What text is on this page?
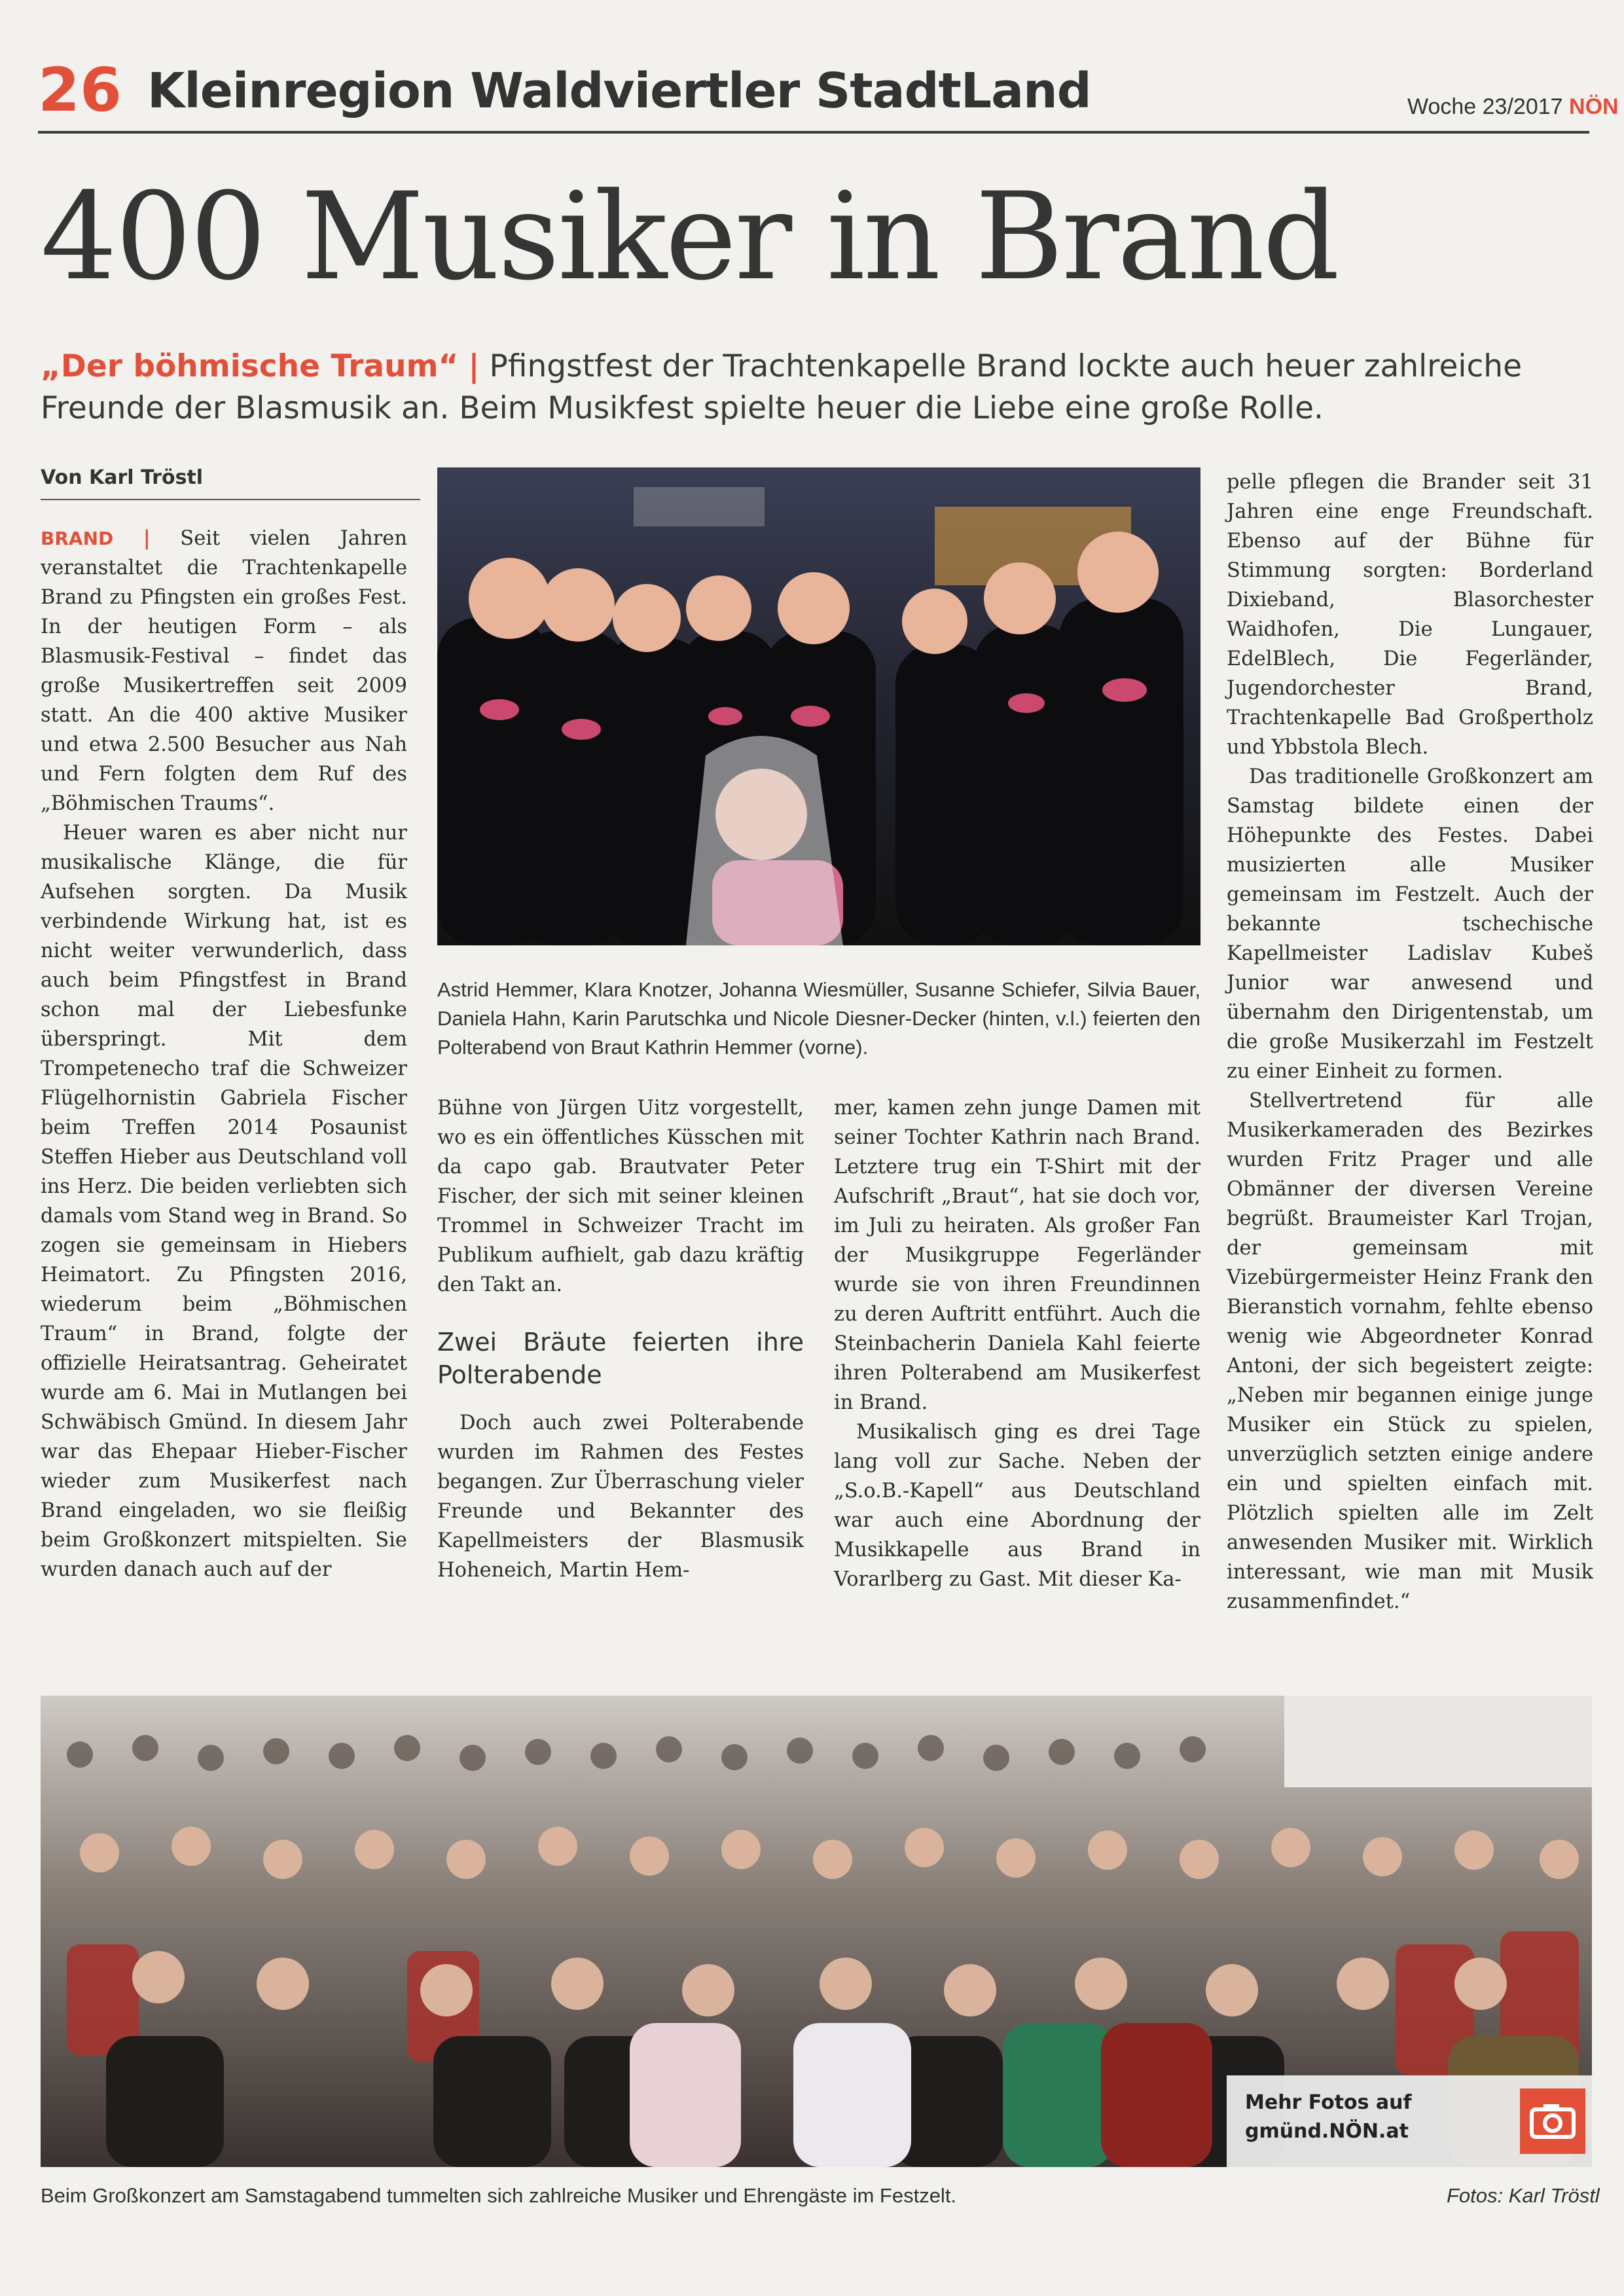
26 Kleinregion Waldviertler StadtLand	Woche 23/2017 NÖN
400 Musiker in Brand
„Der böhmische Traum“ | Pfingstfest der Trachtenkapelle Brand lockte auch heuer zahlreiche Freunde der Blasmusik an. Beim Musikfest spielte heuer die Liebe eine große Rolle.
Von Karl Tröstl

BRAND | Seit vielen Jahren veranstaltet die Trachtenkapelle Brand zu Pfingsten ein großes Fest. In der heutigen Form – als Blasmusik-Festival – findet das große Musikertreffen seit 2009 statt. An die 400 aktive Musiker und etwa 2.500 Besucher aus Nah und Fern folgten dem Ruf des „Böhmischen Traums“.

Heuer waren es aber nicht nur musikalische Klänge, die für Aufsehen sorgten. Da Musik verbindende Wirkung hat, ist es nicht weiter verwunderlich, dass auch beim Pfingstfest in Brand schon mal der Liebesfunke überspringt. Mit dem Trompetenecho traf die Schweizer Flügelhornistin Gabriela Fischer beim Treffen 2014 Posaunist Steffen Hieber aus Deutschland voll ins Herz. Die beiden verliebten sich damals vom Stand weg in Brand. So zogen sie gemeinsam in Hiebers Heimatort. Zu Pfingsten 2016, wiederum beim „Böhmischen Traum“ in Brand, folgte der offizielle Heiratsantrag. Geheiratet wurde am 6. Mai in Mutlangen bei Schwäbisch Gmünd. In diesem Jahr war das Ehepaar Hieber-Fischer wieder zum Musikerfest nach Brand eingeladen, wo sie fleißig beim Großkonzert mitspielten. Sie wurden danach auch auf der

Astrid Hemmer, Klara Knotzer, Johanna Wiesmüller, Susanne Schiefer, Silvia Bauer, Daniela Hahn, Karin Parutschka und Nicole Diesner-Decker (hinten, v.l.) feierten den Polterabend von Braut Kathrin Hemmer (vorne).

Bühne von Jürgen Uitz vorgestellt, wo es ein öffentliches Küsschen mit da capo gab. Brautvater Peter Fischer, der sich mit seiner kleinen Trommel in Schweizer Tracht im Publikum aufhielt, gab dazu kräftig den Takt an.

Zwei Bräute feierten ihre Polterabende

Doch auch zwei Polterabende wurden im Rahmen des Festes begangen. Zur Überraschung vieler Freunde und Bekannter des Kapellmeisters der Blasmusik Hoheneich, Martin Hem-

mer, kamen zehn junge Damen mit seiner Tochter Kathrin nach Brand. Letztere trug ein T-Shirt mit der Aufschrift „Braut“, hat sie doch vor, im Juli zu heiraten. Als großer Fan der Musikgruppe Fegerländer wurde sie von ihren Freundinnen zu deren Auftritt entführt. Auch die Steinbacherin Daniela Kahl feierte ihren Polterabend am Musikerfest in Brand.

Musikalisch ging es drei Tage lang voll zur Sache. Neben der „S.o.B.-Kapell“ aus Deutschland war auch eine Abordnung der Musikkapelle aus Brand in Vorarlberg zu Gast. Mit dieser Ka-

pelle pflegen die Brander seit 31 Jahren eine enge Freundschaft. Ebenso auf der Bühne für Stimmung sorgten: Borderland Dixieband, Blasorchester Waidhofen, Die Lungauer, EdelBlech, Die Fegerländer, Jugendorchester Brand, Trachtenkapelle Bad Großpertholz und Ybbstola Blech.

Das traditionelle Großkonzert am Samstag bildete einen der Höhepunkte des Festes. Dabei musizierten alle Musiker gemeinsam im Festzelt. Auch der bekannte tschechische Kapellmeister Ladislav Kubeš Junior war anwesend und übernahm den Dirigentenstab, um die große Musikerzahl im Festzelt zu einer Einheit zu formen.

Stellvertretend für alle Musikerkameraden des Bezirkes wurden Fritz Prager und alle Obmänner der diversen Vereine begrüßt. Braumeister Karl Trojan, der gemeinsam mit Vizebürgermeister Heinz Frank den Bieranstich vornahm, fehlte ebenso wenig wie Abgeordneter Konrad Antoni, der sich begeistert zeigte: „Neben mir begannen einige junge Musiker ein Stück zu spielen, unverzüglich setzten einige andere ein und spielten einfach mit. Plötzlich spielten alle im Zelt anwesenden Musiker mit. Wirklich interessant, wie man mit Musik zusammenfindet.“

Mehr Fotos auf
gmünd.NÖN.at
Beim Großkonzert am Samstagabend tummelten sich zahlreiche Musiker und Ehrengäste im Festzelt.	Fotos: Karl Tröstl
